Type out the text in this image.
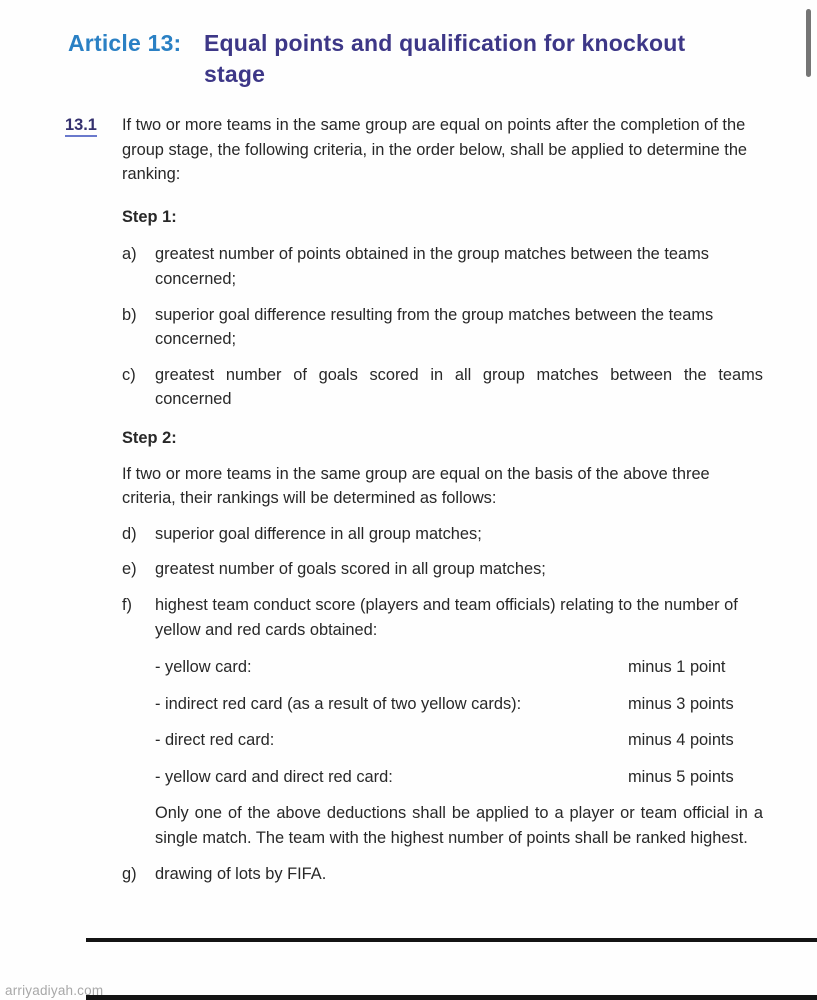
Article 13: Equal points and qualification for knockout
stage
13.1	If two or more teams in the same group are equal on points after the completion of the group stage, the following criteria, in the order below, shall be applied to determine the ranking:
Step 1:
a)	greatest number of points obtained in the group matches between the teams concerned;
b)	superior goal difference resulting from the group matches between the teams concerned;
c)	greatest number of goals scored in all group matches between the teams concerned
Step 2:
If two or more teams in the same group are equal on the basis of the above three criteria, their rankings will be determined as follows:
d)	superior goal difference in all group matches;
e)	greatest number of goals scored in all group matches;
f)	highest team conduct score (players and team officials) relating to the number of yellow and red cards obtained:
- yellow card:	minus 1 point
- indirect red card (as a result of two yellow cards):	minus 3 points
- direct red card:	minus 4 points
- yellow card and direct red card:	minus 5 points
Only one of the above deductions shall be applied to a player or team official in a single match. The team with the highest number of points shall be ranked highest.
g)	drawing of lots by FIFA.
arriyadiyah.com
